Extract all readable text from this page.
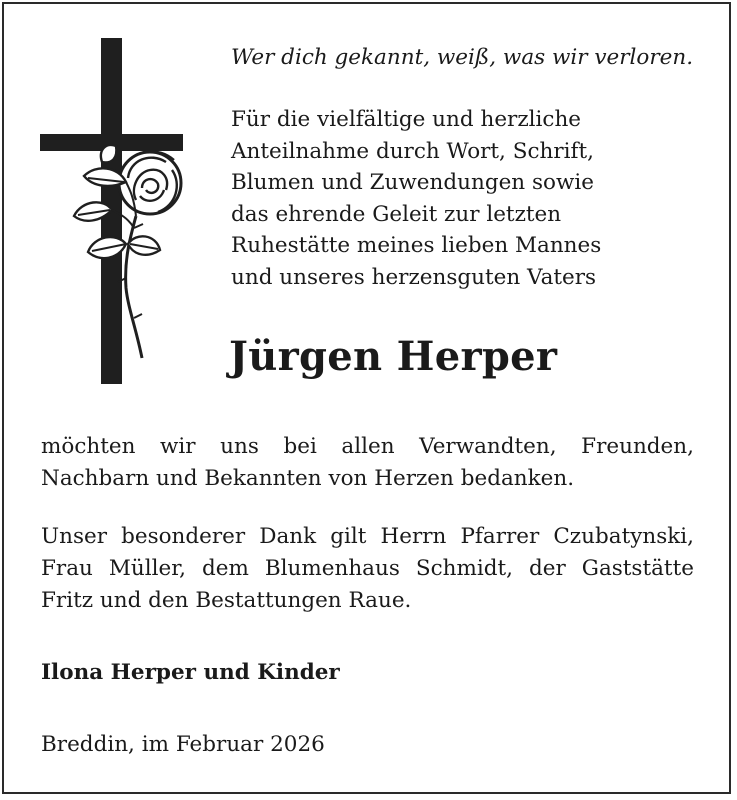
Wer dich gekannt, weiß, was wir verloren.
Für die vielfältige und herzliche
Anteilnahme durch Wort, Schrift,
Blumen und Zuwendungen sowie
das ehrende Geleit zur letzten
Ruhestätte meines lieben Mannes
und unseres herzensguten Vaters
Jürgen Herper
möchten wir uns bei allen Verwandten, Freunden,
Nachbarn und Bekannten von Herzen bedanken.
Unser besonderer Dank gilt Herrn Pfarrer Czubatynski,
Frau Müller, dem Blumenhaus Schmidt, der Gaststätte
Fritz und den Bestattungen Raue.
Ilona Herper und Kinder
Breddin, im Februar 2026
